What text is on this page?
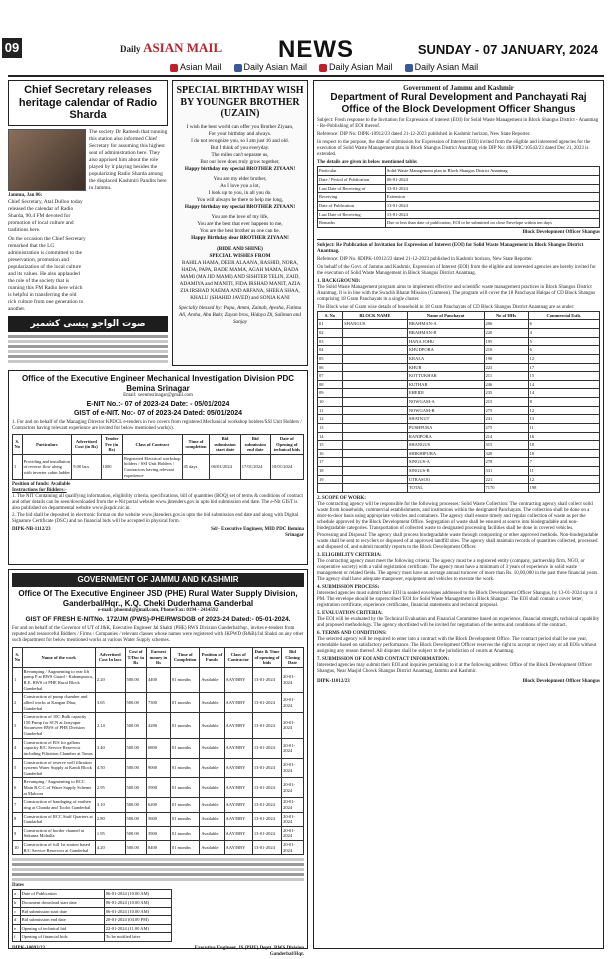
09	Daily ASIAN MAIL NEWS	SUNDAY - 07 JANUARY, 2024
Asian Mail	Daily Asian Mail	Daily Asian Mail	Daily Asian Mail
Chief Secretary releases heritage calendar of Radio Sharda
Jammu, Jan 06:
Chief Secretary, Atal Dulloo today released the calendar of Radio Sharda, 90.4 FM devoted for promotion of local culture and traditions here.
On the occasion the Chief Secretary remarked that the LG administration is committed to the preservation, promotion and popularization of the local culture and its values. He also applauded the role of the society that is running this FM Radio here which is helpful in transferring the old rich culture from one generation to another.
The society Dr Ramesh that running this station also informed Chief Secretary for assuming this highest seat of administration here. They also apprised him about the role played by it playing besides the popularizing Radio Sharda among the displaced Kashmiri Pandits here in Jammu.
صوت الواجو پیسی کشمیر
SPECIAL BIRTHDAY WISH BY YOUNGER BROTHER (UZAIN)
I wish the best world can offer you Brother Ziyaan,
For your birthday and always.
I do not recognize you, so I am just 16 and old.
But I think of you everyday.
The miles can't separate us,
But our love does truly grow together,
Happy birthday my special BROTHER ZIYAAN!
You are my elder brother,
As I love you a lot,
I look up to you, in all you do.
You will always be there to help me long,
Happy birthday my special BROTHER ZIYAAN!
You are the love of my life,
You are the best that ever happens to me,
You are the best brother as one can be.
Happy Birthday dear BROTHER ZIYAAN!
(BIDE AND SHINE)
SPECIAL WISHES FROM
RAHILA HAMA, DEER ALAANA, RASHID, NORA, HADA, PAPA, BADE MAMA, AGAH MAMA, BADA MAMI (MA JID MAMI) AND SISHTER TELIN, ZAID, ADAMIYA and MANITI, FIDA IRSHAD MANIT, AZIA ZIA IRSHAD NAEMA AND ARFANA, SHEKA SHAA, KHALU (SHAHID JAVED) and SONIA KANI
Specially blessed by: Papa, Ammi, Zainab, Ayesha, Fatima Ali, Aroha, Abu Bakr, Zayan bros, Hidaya Di, Saliman and Sanjay
Office of the Executive Engineer Mechanical Investigation Division PDC Bemina Srinagar
Email: xeenmsrinagar@gmail.com
E-NIT No.:- 07 of 2023-24 Date: - 05/01/2024
GIST of e-NIT. No:- 07 of 2023-24 Dated: 05/01/2024
1. For and on behalf of the Managing Director KPDCL e-tenders in two covers from registered Mechanical workshop holders/SSI Unit Holders / Contractors having relevant experience are invited for below mentioned work(s).
S. No	Particulars	Advertised Cost (in Rs)	Tender Fee (in Rs)	Class of Contract	Time of completion	Bid submission start date	Bid submission end date	Date of Opening of technical bids
1	Providing and installation of reverse flow along with inverter cabin ladder	9.00 lacs	1000	Registered Electrical workshop holders / SSI Unit Holders / Contractors having relevant experience	45 days	06/01/2024	17/01/2024	18/01/2024
Position of funds: Available
Instructions for Bidders:-
1. The NIT Containing all qualifying information, eligibility criteria, specifications, bill of quantities (BOQ) set of terms & conditions of contract and other details can be seen/downloaded from the e-Nit portal website www.jktenders.gov.in upto bid submission end date. The e-Nit GIST is also published on departmental website www.jkspdc.nic.in.
2. The bid shall be deposited in electronic format on the website www.jktenders.gov.in upto the bid submission end date and along with Digital Signature Certificate (DSC) and no financial bids will be accepted in physical form.
DIPK-NB-1112/23	Sd/- Executive Engineer, MID PDC Bemina Srinagar
GOVERNMENT OF JAMMU AND KASHMIR
Office Of The Executive Engineer JSD (PHE) Rural Water Supply Division, Ganderbal/Hqr., K.Q. Cheki Duderhama Ganderbal
e-mail: phoemd@gmail.com, Phone/Fax: 0194 - 2414592
GIST OF FRESH E-NITNo. 172/JM (PWS)-PHE/RWSDGB of 2023-24 Dated:- 05-01-2024.
For and on behalf of the Governor of UT of J&K, Executive Engineer Jal Shakti (PHE) RWS Division Ganderbal/hqr., invites e-tenders from reputed and resourceful Bidders / Firms / Companies / relevant classes whose names were registered with JKPWD (R&B)/Jal Shakti on any other such department for below mentioned works at various Water Supply schemes.
S. No	Name of the work	Advertised Cost In lacs	Cost of T/Doc in Rs	Earnest money in Rs	Time of Completion	Position of Funds	Class of Contractor	Date & Time of opening of bids	Bid Closing Date
1	Revamping / Augmenting to rear lift pump P at RWS Guard - Kabampoora, R.E. RWS of PHE Rural Block Ganderbal	2.20	500.00	4400	01 months	Available	AAY/BBY	13-01-2024	20-01-2024
2	Construction of pump chamber and allied works at Kangan Dhar, Ganderbal	3.65	500.00	7300	01 months	Available	AAY/BBY	13-01-2024	20-01-2024
3	Construction of 10C Bulk capacity 150 Pump for SCN at Jaisyapur Soranweer RWS of PHE Division Ganderbal	2.14	500.00	4280	01 months	Available	AAY/BBY	13-01-2024	20-01-2024
4	Construction of B/S for gallons capacity R/C Service Reservoir including Filtration Chamber at Tunus	3.40	500.00	6800	01 months	Available	AAY/BBY	13-01-2024	20-01-2024
5	Construction of reserve well filtration systems Water Supply at Kandi Block Ganderbal	4.50	500.00	9000	01 months	Available	AAY/BBY	13-01-2024	20-01-2024
6	Revamping / Augmenting to RCC Main R.C.C of Water Supply Scheme at Maloora	2.95	500.00	5900	01 months	Available	AAY/BBY	13-01-2024	20-01-2024
7	Construction of bandaging of earthen ring at Chanda and Tooloi Ganderbal	3.10	500.00	6200	01 months	Available	AAY/BBY	13-01-2024	20-01-2024
8	Construction of RCC Staff Quarters at Gandarbal	2.80	500.00	5600	01 months	Available	AAY/BBY	13-01-2024	20-01-2024
9	Construction of border channel at Sukuma Mohalla	1.95	500.00	3900	01 months	Available	AAY/BBY	13-01-2024	20-01-2024
10	Construction of full 1st station based R/C Service Reservoir at Ganderbal	4.20	500.00	8400	01 months	Available	AAY/BBY	13-01-2024	20-01-2024
Dates
a	Date of Publication	06-01-2024 (10.00 AM)
b	Document download start date	06-01-2024 (10.00 AM)
c	Bid submission start date	06-01-2024 (10.00 AM)
d	Bid submission end date	20-01-2024 (04.00 PM)
e	Opening of technical bid	22-01-2024 (11.00 AM)
f	Opening of financial bids	To be notified later
DIPK-10093/23	Executive Engineer, JS (PHE) Deptt. RWS Division Ganderbal/Hqr.
Government of Jammu and Kashmir
Department of Rural Development and Panchayati Raj Office of the Block Development Officer Shangus
Subject: Fresh response to the Invitation for Expression of interest (EOI) for Solid Waste Management in Block Shangus District - Anantnag - Re-Publishing of EOI thereof.
Reference: DIP No: DIPK-10912/23 dated 21-12-2023 published in Kashmir horizon, New State Reporter.
In respect to the purpose, the date of submission for Expression of Interest (EOI) invited from the eligible and interested agencies for the execution of Solid Waste Management plan in Block Shangus District Anantnag vide DIP No: 40/EPIC/10543/23 dated Dec 21, 2023 is extended.
The details are given in below mentioned table:
Particular	Solid Waste Management plan in Block Shangus District Anantnag
Date / Period of Publication	06-01-2024
Last Date of Receiving of	13-01-2024
Receiving	Extension
Date of Publication	13-01-2024
Last Date of Receiving	13-01-2024
Remarks	Due to less than date of publication, EOI to be submitted on close Envelope within ten days
Block Development Officer Shangus
Subject: Re Publication of Invitation for Expression of Interest (EOI) for Solid Waste Management in Block Shangus District Anantnag.
Reference: DIP No. 8DIPK-10912/23 dated 21-12-2023 published in Kashmir horizon, New State Reporter.
On behalf of the Govt. of Jammu and Kashmir, Expression of Interest (EOI) from the eligible and interested agencies are hereby invited for the execution of Solid Waste Management in Block Shangus District Anantnag.
1. BACKGROUND:
The Solid Waste Management program aims to implement effective and scientific waste management practices in Block Shangus District Anantnag. It is in line with the Swachh Bharat Mission (Grameen). The program will cover the 18 Panchayat Halqas of CD Block Shangus comprising 18 Gram Panchayats in a single cluster.
The Block wise of Gram wise details of household in 18 Gram Panchayats of CD Block Shangus District Anantnag are as under:
S. No	BLOCK NAME	Name of Panchayat	No of HHs	Commercial Estb.
01	SHANGUS	BRAHMAN-A	206	6
02		BRAHMAN-B	220	4
03		HANA JOHU	195	5
04		KHUDPORA	210	6
05		KRALA	190	12
06		KHUR	223	17
07		KOTTUKHAR	211	15
08		KUTHAR	246	14
09		EHEIDI	235	14
10		NOWGAM-A	215	8
11		NOWGAM-B	275	12
12		SHATKUT	241	13
13		PUSHPURA	275	11
14		RANIPORA	214	16
15		SHANGUS	315	18
16		SHIKHIPURA	320	10
17		SINGUS-A	278	7
18		SINGUS-B	331	11
19		UTRASOO	221	12
		TOTAL	7170	198
2. SCOPE OF WORK:
The contracting agency will be responsible for the following processes: Solid Waste Collection: The contracting agency shall collect solid waste from households, commercial establishments, and institutions within the designated Panchayats. The collection shall be done on a door-to-door basis using appropriate vehicles and containers. The agency shall ensure timely and regular collection of waste as per the schedule approved by the Block Development Office. Segregation of waste shall be ensured at source into biodegradable and non-biodegradable categories. Transportation of collected waste to designated processing facilities shall be done in covered vehicles.
Processing and Disposal: The agency shall process biodegradable waste through composting or other approved methods. Non-biodegradable waste shall be sent to recyclers or disposed of at approved landfill sites. The agency shall maintain records of quantities collected, processed and disposed of, and submit monthly reports to the Block Development Officer.
3. ELIGIBILITY CRITERIA:
The contracting agency must meet the following criteria: The agency must be a registered entity (company, partnership firm, NGO, or cooperative society) with a valid registration certificate. The agency must have a minimum of 3 years of experience in solid waste management or related fields. The agency must have an average annual turnover of more than Rs. 10,00,000 in the past three financial years. The agency shall have adequate manpower, equipment and vehicles to execute the work.
4. SUBMISSION PROCESS:
Interested agencies must submit their EOI in sealed envelopes addressed to the Block Development Officer Shangus, by 13-01-2024 up to 4 PM. The envelope should be superscribed 'EOI for Solid Waste Management in Block Shangus'. The EOI shall contain a cover letter, registration certificate, experience certificates, financial statements and technical proposal.
5. EVALUATION CRITERIA:
The EOI will be evaluated by the Technical Evaluation and Financial Committee based on experience, financial strength, technical capability and proposed methodology. The agency shortlisted will be invited for negotiation of the terms and conditions of the contract.
6. TERMS AND CONDITIONS:
The selected agency will be required to enter into a contract with the Block Development Office. The contract period shall be one year, extendable based on satisfactory performance. The Block Development Officer reserves the right to accept or reject any or all EOIs without assigning any reason thereof. All disputes shall be subject to the jurisdiction of courts at Anantnag.
7. SUBMISSION OF EOI AND CONTACT INFORMATION:
Interested agencies may submit their EOI and inquiries pertaining to it at the following address: Office of the Block Development Officer Shangus, Near Masjid Chowk Shangus District Anantnag, Jammu and Kashmir.
DIPK-11012/23	Block Development Officer Shangus
